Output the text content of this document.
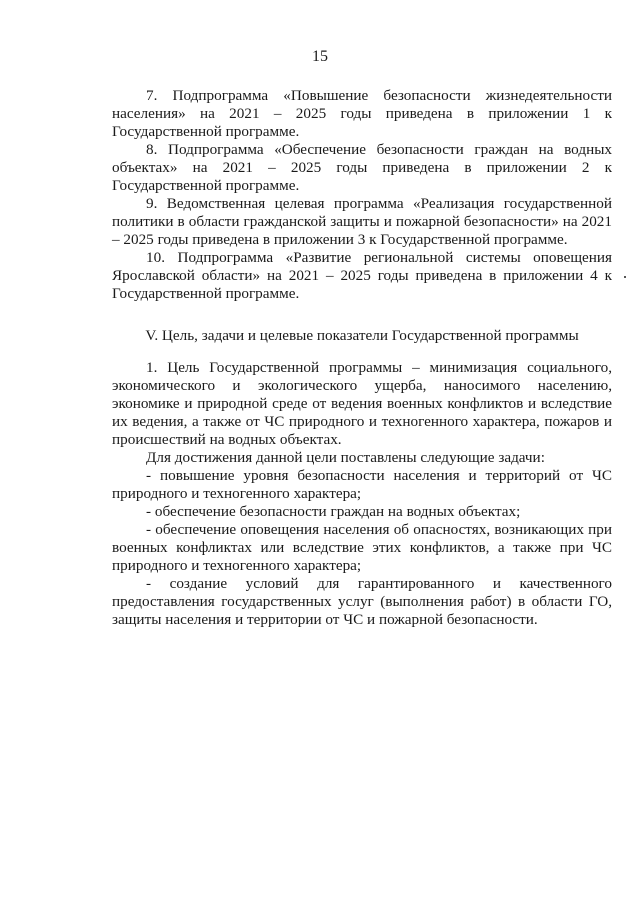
15

7. Подпрограмма «Повышение безопасности жизнедеятельности населения» на 2021 – 2025 годы приведена в приложении 1 к Государственной программе.

8. Подпрограмма «Обеспечение безопасности граждан на водных объектах» на 2021 – 2025 годы приведена в приложении 2 к Государственной программе.

9. Ведомственная целевая программа «Реализация государственной политики в области гражданской защиты и пожарной безопасности» на 2021 – 2025 годы приведена в приложении 3 к Государственной программе.

10. Подпрограмма «Развитие региональной системы оповещения Ярославской области» на 2021 – 2025 годы приведена в приложении 4 к Государственной программе.

V. Цель, задачи и целевые показатели Государственной программы

1. Цель Государственной программы – минимизация социального, экономического и экологического ущерба, наносимого населению, экономике и природной среде от ведения военных конфликтов и вследствие их ведения, а также от ЧС природного и техногенного характера, пожаров и происшествий на водных объектах.

Для достижения данной цели поставлены следующие задачи:

- повышение уровня безопасности населения и территорий от ЧС природного и техногенного характера;

- обеспечение безопасности граждан на водных объектах;

- обеспечение оповещения населения об опасностях, возникающих при военных конфликтах или вследствие этих конфликтов, а также при ЧС природного и техногенного характера;

- создание условий для гарантированного и качественного предоставления государственных услуг (выполнения работ) в области ГО, защиты населения и территории от ЧС и пожарной безопасности.
